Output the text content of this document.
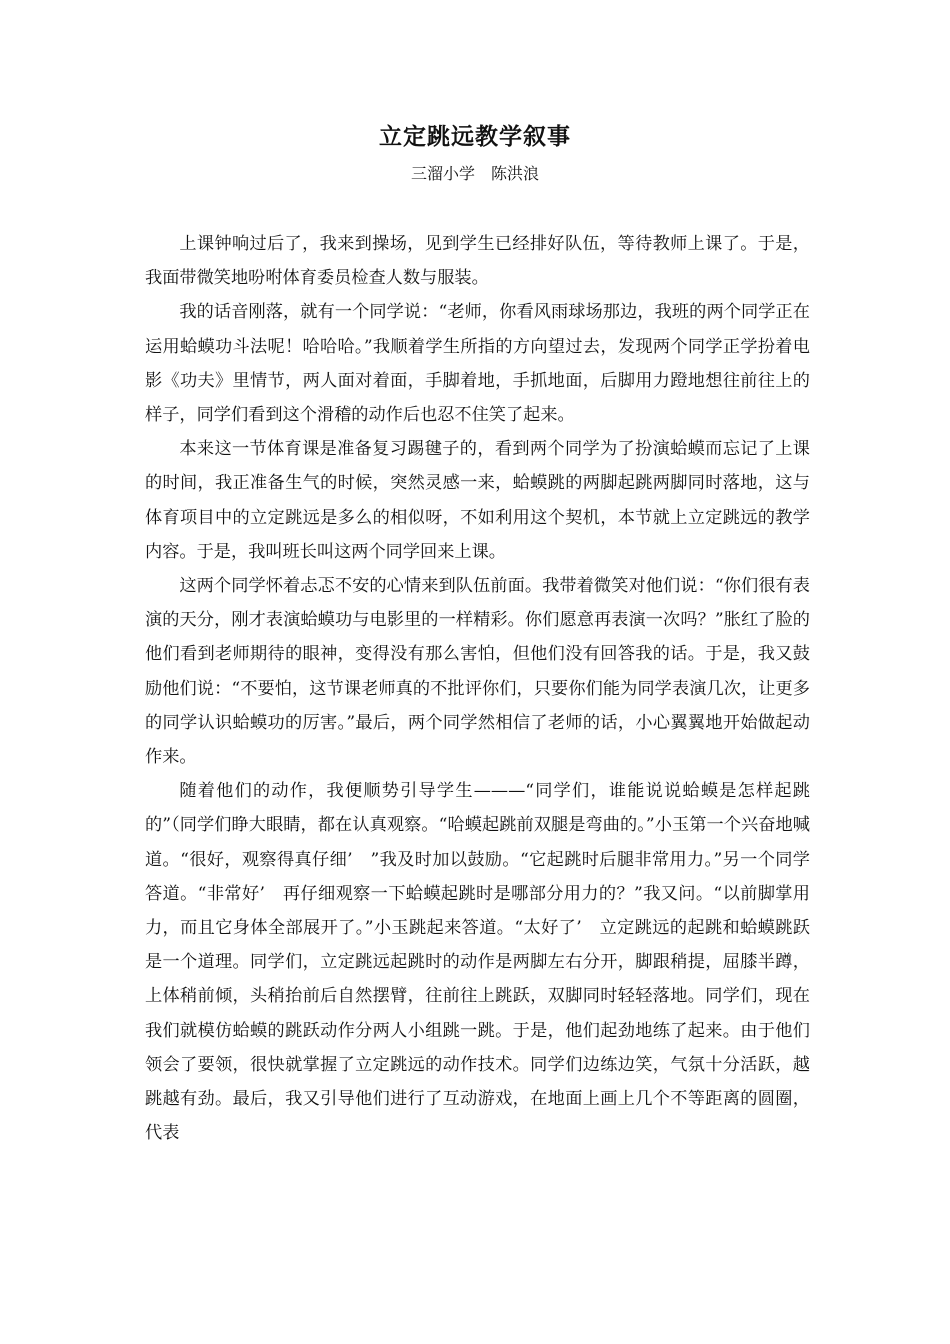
立定跳远教学叙事
三溜小学　陈洪浪

上课钟响过后了，我来到操场，见到学生已经排好队伍，等待教师上课了。于是，我面带微笑地吩咐体育委员检查人数与服装。

我的话音刚落，就有一个同学说：“老师，你看风雨球场那边，我班的两个同学正在运用蛤蟆功斗法呢！哈哈哈。”我顺着学生所指的方向望过去，发现两个同学正学扮着电影《功夫》里情节，两人面对着面，手脚着地，手抓地面，后脚用力蹬地想往前往上的样子，同学们看到这个滑稽的动作后也忍不住笑了起来。

本来这一节体育课是准备复习踢毽子的，看到两个同学为了扮演蛤蟆而忘记了上课的时间，我正准备生气的时候，突然灵感一来，蛤蟆跳的两脚起跳两脚同时落地，这与体育项目中的立定跳远是多么的相似呀，不如利用这个契机，本节就上立定跳远的教学内容。于是，我叫班长叫这两个同学回来上课。

这两个同学怀着忐忑不安的心情来到队伍前面。我带着微笑对他们说：“你们很有表演的天分，刚才表演蛤蟆功与电影里的一样精彩。你们愿意再表演一次吗？”胀红了脸的他们看到老师期待的眼神，变得没有那么害怕，但他们没有回答我的话。于是，我又鼓励他们说：“不要怕，这节课老师真的不批评你们，只要你们能为同学表演几次，让更多的同学认识蛤蟆功的厉害。”最后，两个同学然相信了老师的话，小心翼翼地开始做起动作来。

随着他们的动作，我便顺势引导学生———“同学们，谁能说说蛤蟆是怎样起跳的”（同学们睁大眼睛，都在认真观察。“哈蟆起跳前双腿是弯曲的。”小玉第一个兴奋地喊道。“很好，观察得真仔细’　”我及时加以鼓励。“它起跳时后腿非常用力。”另一个同学答道。“非常好’　再仔细观察一下蛤蟆起跳时是哪部分用力的？”我又问。“以前脚掌用力，而且它身体全部展开了。”小玉跳起来答道。“太好了’　立定跳远的起跳和蛤蟆跳跃是一个道理。同学们，立定跳远起跳时的动作是两脚左右分开，脚跟稍提，屈膝半蹲，上体稍前倾，头稍抬前后自然摆臂，往前往上跳跃，双脚同时轻轻落地。同学们，现在我们就模仿蛤蟆的跳跃动作分两人小组跳一跳。于是，他们起劲地练了起来。由于他们领会了要领，很快就掌握了立定跳远的动作技术。同学们边练边笑，气氛十分活跃，越跳越有劲。最后，我又引导他们进行了互动游戏，在地面上画上几个不等距离的圆圈，代表
